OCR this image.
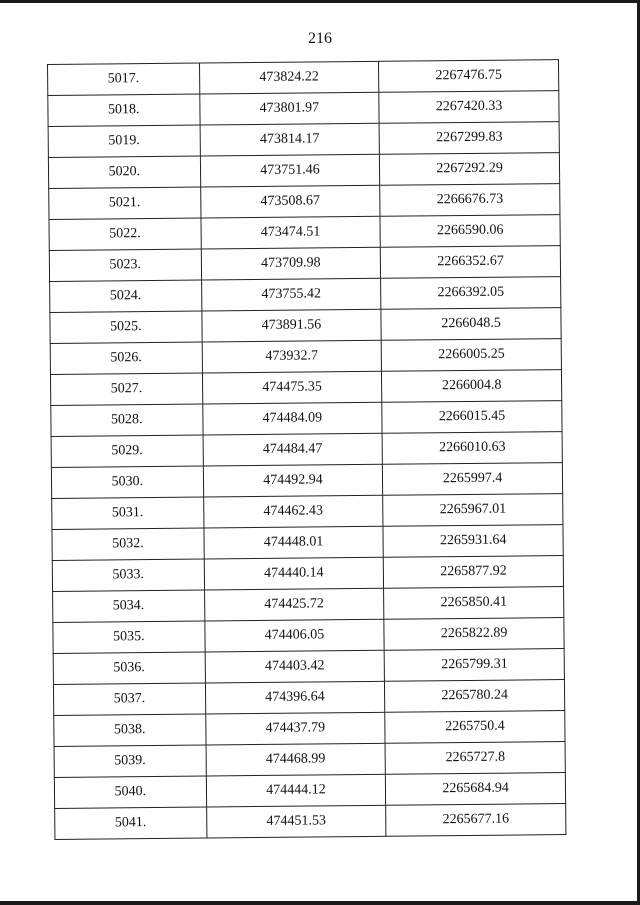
216
5017.	473824.22	2267476.75
5018.	473801.97	2267420.33
5019.	473814.17	2267299.83
5020.	473751.46	2267292.29
5021.	473508.67	2266676.73
5022.	473474.51	2266590.06
5023.	473709.98	2266352.67
5024.	473755.42	2266392.05
5025.	473891.56	2266048.5
5026.	473932.7	2266005.25
5027.	474475.35	2266004.8
5028.	474484.09	2266015.45
5029.	474484.47	2266010.63
5030.	474492.94	2265997.4
5031.	474462.43	2265967.01
5032.	474448.01	2265931.64
5033.	474440.14	2265877.92
5034.	474425.72	2265850.41
5035.	474406.05	2265822.89
5036.	474403.42	2265799.31
5037.	474396.64	2265780.24
5038.	474437.79	2265750.4
5039.	474468.99	2265727.8
5040.	474444.12	2265684.94
5041.	474451.53	2265677.16
